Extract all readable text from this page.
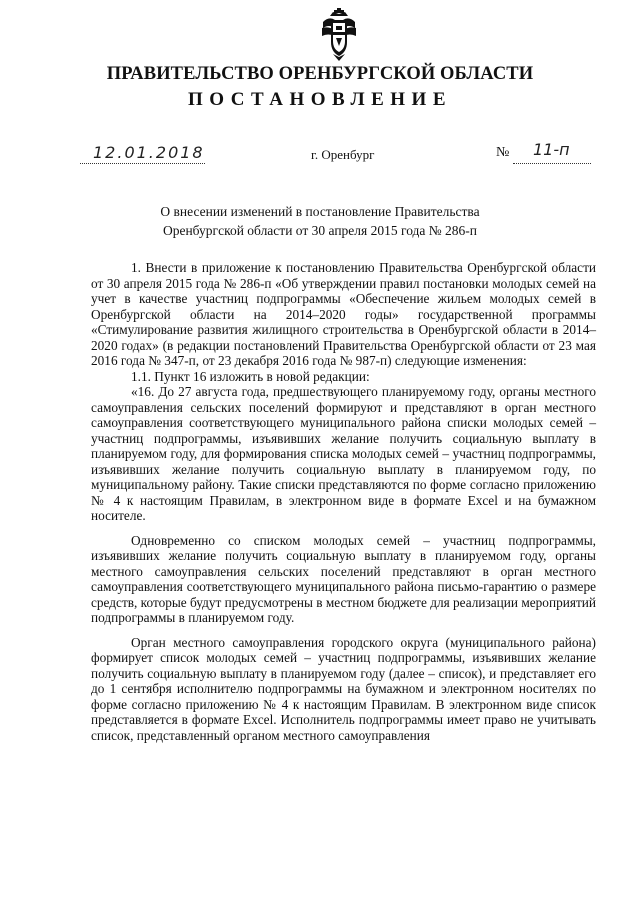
ПРАВИТЕЛЬСТВО ОРЕНБУРГСКОЙ ОБЛАСТИ
ПОСТАНОВЛЕНИЕ
12.01.2018	г. Оренбург	№ 11-п
О внесении изменений в постановление Правительства
Оренбургской области от 30 апреля 2015 года № 286-п

1. Внести в приложение к постановлению Правительства Оренбургской области от 30 апреля 2015 года № 286-п «Об утверждении правил постановки молодых семей на учет в качестве участниц подпрограммы «Обеспечение жильем молодых семей в Оренбургской области на 2014–2020 годы» государственной программы «Стимулирование развития жилищного строительства в Оренбургской области в 2014–2020 годах» (в редакции постановлений Правительства Оренбургской области от 23 мая 2016 года № 347-п, от 23 декабря 2016 года № 987-п) следующие изменения:

1.1. Пункт 16 изложить в новой редакции:

«16. До 27 августа года, предшествующего планируемому году, органы местного самоуправления сельских поселений формируют и представляют в орган местного самоуправления соответствующего муниципального района списки молодых семей – участниц подпрограммы, изъявивших желание получить социальную выплату в планируемом году, для формирования списка молодых семей – участниц подпрограммы, изъявивших желание получить социальную выплату в планируемом году, по муниципальному району. Такие списки представляются по форме согласно приложению № 4 к настоящим Правилам, в электронном виде в формате Excel и на бумажном носителе.

Одновременно со списком молодых семей – участниц подпрограммы, изъявивших желание получить социальную выплату в планируемом году, органы местного самоуправления сельских поселений представляют в орган местного самоуправления соответствующего муниципального района письмо-гарантию о размере средств, которые будут предусмотрены в местном бюджете для реализации мероприятий подпрограммы в планируемом году.

Орган местного самоуправления городского округа (муниципального района) формирует список молодых семей – участниц подпрограммы, изъявивших желание получить социальную выплату в планируемом году (далее – список), и представляет его до 1 сентября исполнителю подпрограммы на бумажном и электронном носителях по форме согласно приложению № 4 к настоящим Правилам. В электронном виде список представляется в формате Excel. Исполнитель подпрограммы имеет право не учитывать список, представленный органом местного самоуправления
